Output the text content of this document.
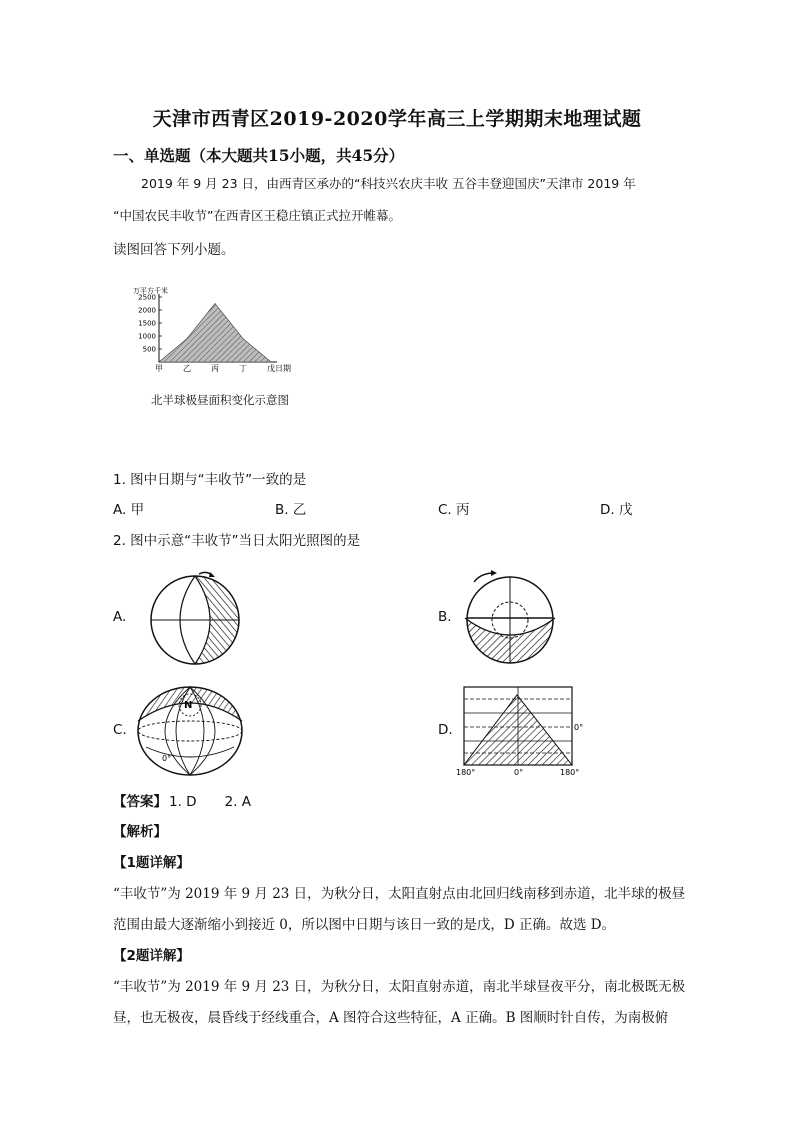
天津市西青区2019-2020学年高三上学期期末地理试题
一、单选题（本大题共15小题，共45分）
2019 年 9 月 23 日，由西青区承办的“科技兴农庆丰收 五谷丰登迎国庆”天津市 2019 年
“中国农民丰收节”在西青区王稳庄镇正式拉开帷幕。
读图回答下列小题。
万平方千米
2500
2000
1500
1000
500
甲	乙	丙	丁	戊 日期
北半球极昼面积变化示意图
1. 图中日期与“丰收节”一致的是
A. 甲	B. 乙	C. 丙	D. 戊
2. 图中示意“丰收节”当日太阳光照图的是
A.	B.
C.	D.
N
0°
0°
180°	0°	180°
【答案】 1. D 2. A
【解析】
【1题详解】
“丰收节”为 2019 年 9 月 23 日，为秋分日，太阳直射点由北回归线南移到赤道，北半球的极昼
范围由最大逐渐缩小到接近 0，所以图中日期与该日一致的是戊，D 正确。故选 D。
【2题详解】
“丰收节”为 2019 年 9 月 23 日，为秋分日，太阳直射赤道，南北半球昼夜平分，南北极既无极
昼，也无极夜，晨昏线于经线重合，A 图符合这些特征，A 正确。B 图顺时针自传，为南极俯
